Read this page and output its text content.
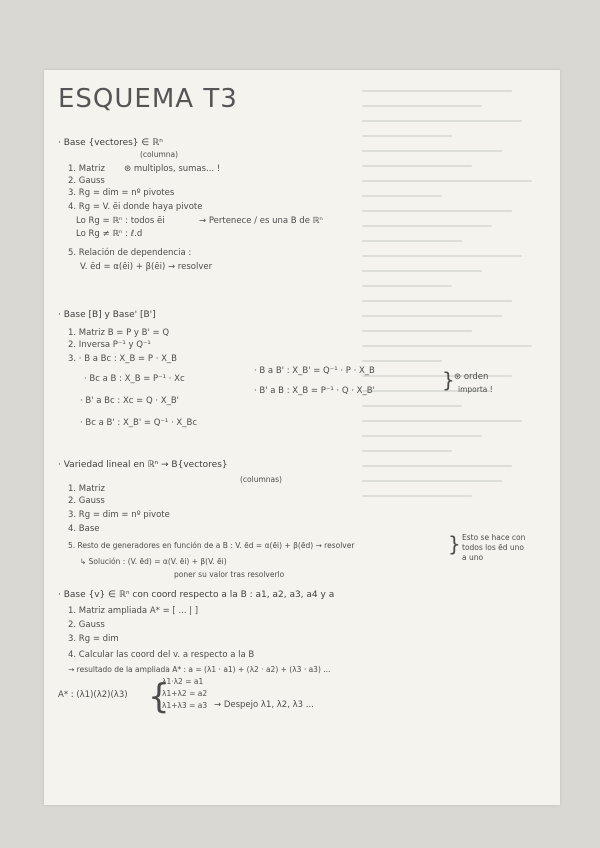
ESQUEMA T3
· Base {vectores} ∈ ℝⁿ
(columna)
1. Matriz ⊛ multiplos, sumas... !
2. Gauss
3. Rg = dim = nº pivotes
4. Rg = V. ēi donde haya pivote
Lo Rg = ℝⁿ : todos ēi	→ Pertenece / es una B de ℝⁿ
Lo Rg ≠ ℝⁿ : ℓ.d
5. Relación de dependencia :
V. ēd = α(ēi) + β(ēi) → resolver
· Base [B] y Base' [B']
1. Matriz B = P y B' = Q
2. Inversa P⁻¹ y Q⁻¹
3. · B a Bc : X_B = P · X_B
· Bc a B : X_B = P⁻¹ · Xc
· B' a Bc : Xc = Q · X_B'
· Bc a B' : X_B' = Q⁻¹ · X_Bc
· B a B' : X_B' = Q⁻¹ · P · X_B
· B' a B : X_B = P⁻¹ · Q · X_B'	} ⊛ orden
importa !
· Variedad lineal en ℝⁿ → B{vectores}
(columnas)
1. Matriz
2. Gauss
3. Rg = dim = nº pivote
4. Base
5. Resto de generadores en función de a B : V. ēd = α(ēi) + β(ēd) → resolver
↳ Solución : (V. ēd) = α(V. ēi) + β(V. ēi)
poner su valor tras resolverlo
} Esto se hace con
todos los ēd uno
a uno
· Base {v} ∈ ℝⁿ con coord respecto a la B : a1, a2, a3, a4 y a
1. Matriz ampliada A* = [ ... | ]
2. Gauss
3. Rg = dim
4. Calcular las coord del v. a respecto a la B
→ resultado de la ampliada A* : a = (λ1 · a1) + (λ2 · a2) + (λ3 · a3) ...
A* : (λ1)(λ2)(λ3) {
λ1·λ2 = a1
λ1+λ2 = a2
λ1+λ3 = a3 → Despejo λ1, λ2, λ3 ...
